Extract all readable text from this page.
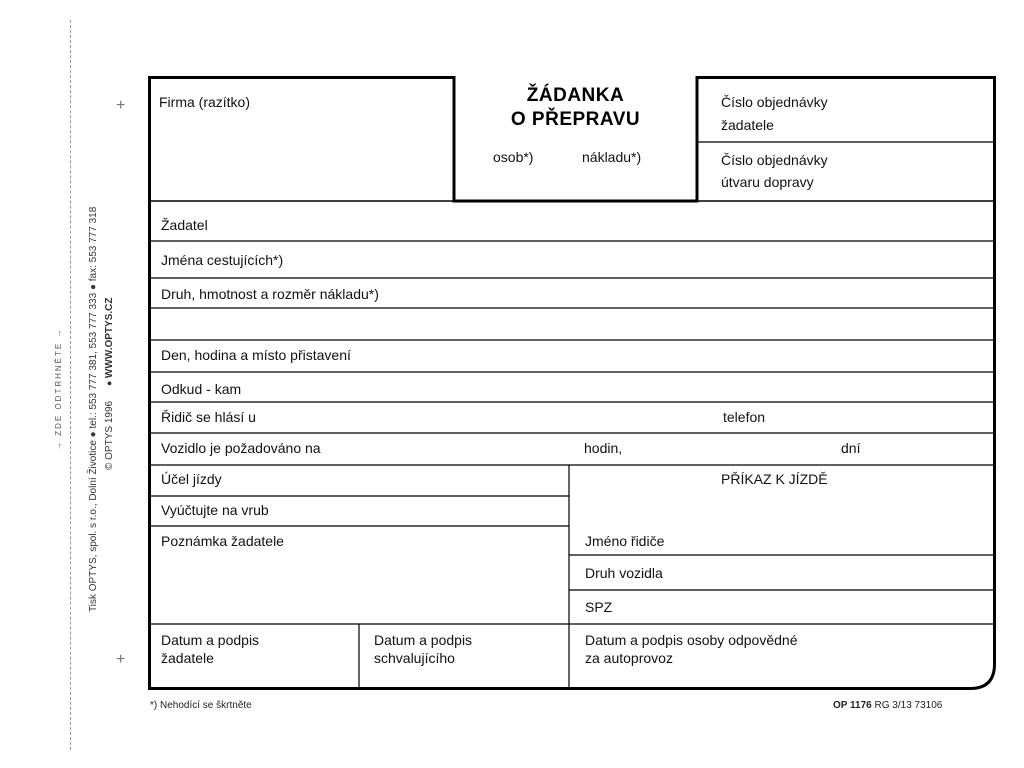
+
+
→ ZDE ODTRHNĚTE →	Tisk OPTYS, spol. s r.o., Dolní Životice ● tel.: 553 777 381, 553 777 333 ● fax: 553 777 318 © OPTYS 1996
● WWW.OPTYS.CZ
ŽÁDANKA
O PŘEPRAVU
osob*)	nákladu*)
Firma (razítko)	Číslo objednávky
žadatele
Číslo objednávky
útvaru dopravy
Žadatel
Jména cestujících*)
Druh, hmotnost a rozměr nákladu*)
Den, hodina a místo přistavení
Odkud - kam
Řidič se hlásí u	telefon
Vozidlo je požadováno na	hodin,	dní
Účel jízdy
Vyúčtujte na vrub
Poznámka žadatele
PŘÍKAZ K JÍZDĚ
Jméno řidiče
Druh vozidla
SPZ
Datum a podpis
žadatele
Datum a podpis
schvalujícího
Datum a podpis osoby odpovědné
za autoprovoz
*) Nehodící se škrtněte	OP 1176 RG 3/13 73106
